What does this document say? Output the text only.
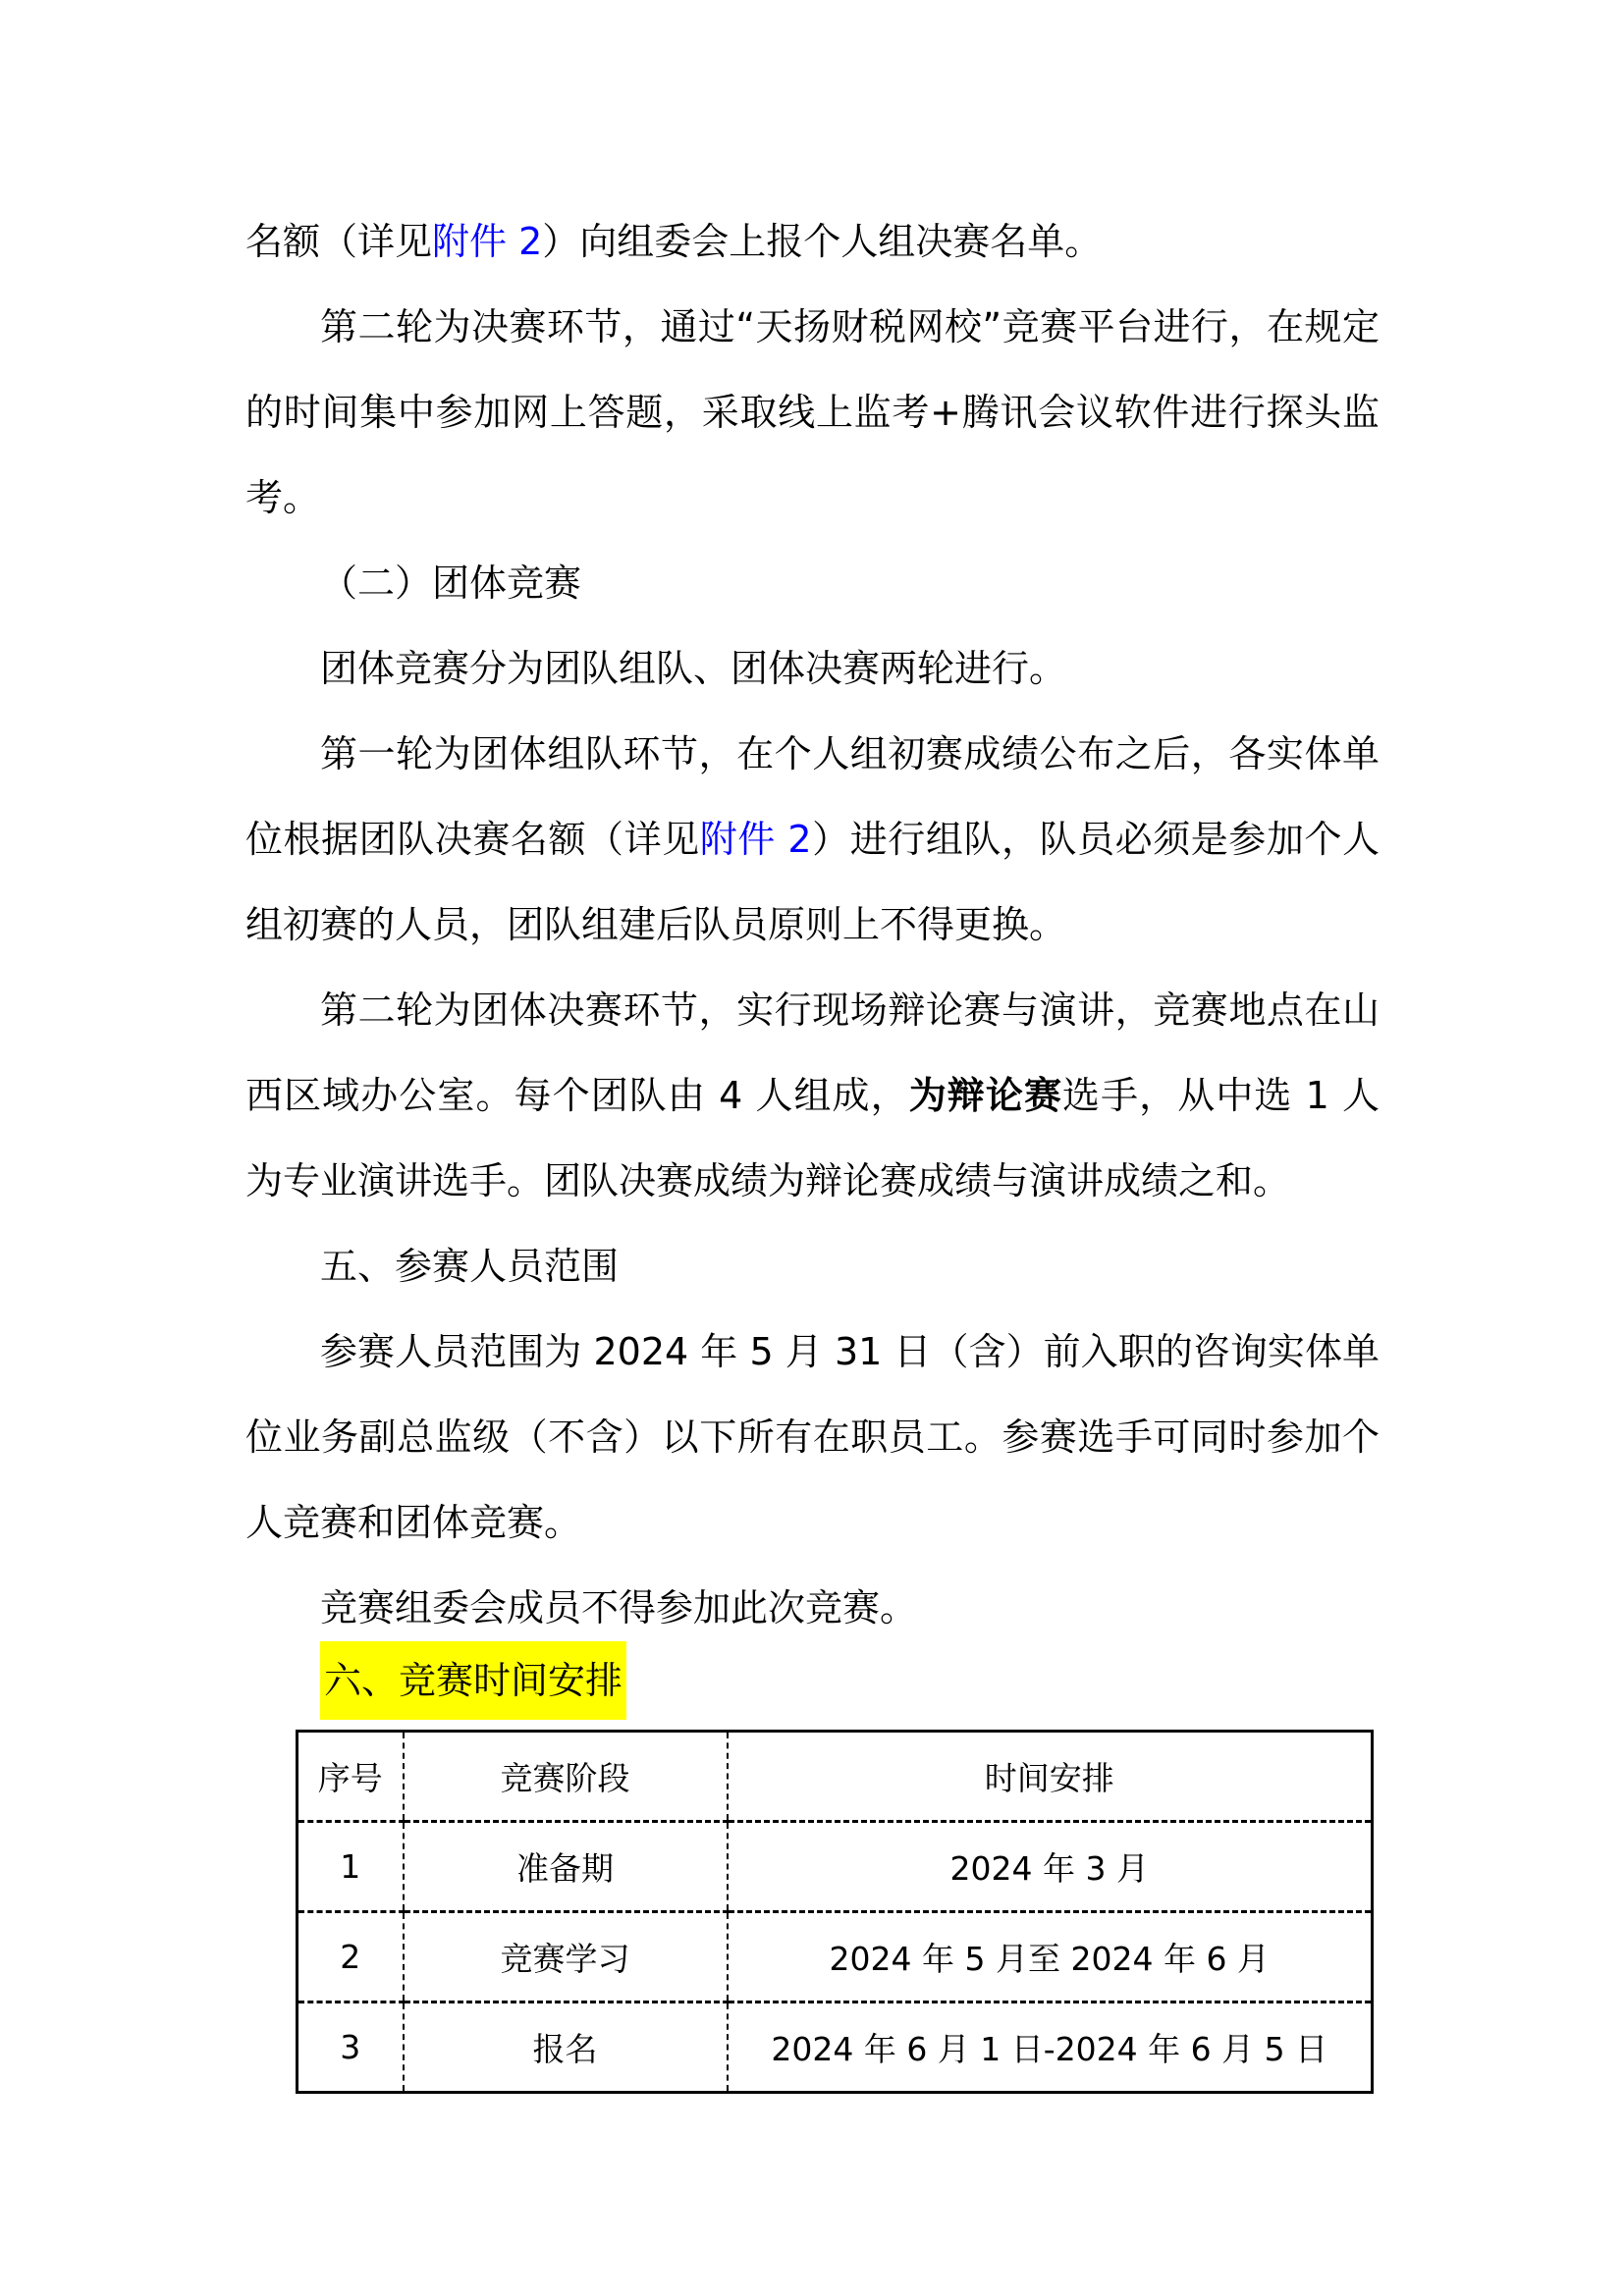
名额（详见附件 2）向组委会上报个人组决赛名单。
第二轮为决赛环节，通过“天扬财税网校”竞赛平台进行，在规定
的时间集中参加网上答题，采取线上监考+腾讯会议软件进行探头监
考。
（二）团体竞赛
团体竞赛分为团队组队、团体决赛两轮进行。
第一轮为团体组队环节，在个人组初赛成绩公布之后，各实体单
位根据团队决赛名额（详见附件 2）进行组队，队员必须是参加个人
组初赛的人员，团队组建后队员原则上不得更换。
第二轮为团体决赛环节，实行现场辩论赛与演讲，竞赛地点在山
西区域办公室。每个团队由 4 人组成，为辩论赛选手，从中选 1 人
为专业演讲选手。团队决赛成绩为辩论赛成绩与演讲成绩之和。
五、参赛人员范围
参赛人员范围为 2024 年 5 月 31 日（含）前入职的咨询实体单
位业务副总监级（不含）以下所有在职员工。参赛选手可同时参加个
人竞赛和团体竞赛。
竞赛组委会成员不得参加此次竞赛。
六、竞赛时间安排
序号	竞赛阶段	时间安排
1	准备期	2024 年 3 月
2	竞赛学习	2024 年 5 月至 2024 年 6 月
3	报名	2024 年 6 月 1 日-2024 年 6 月 5 日
